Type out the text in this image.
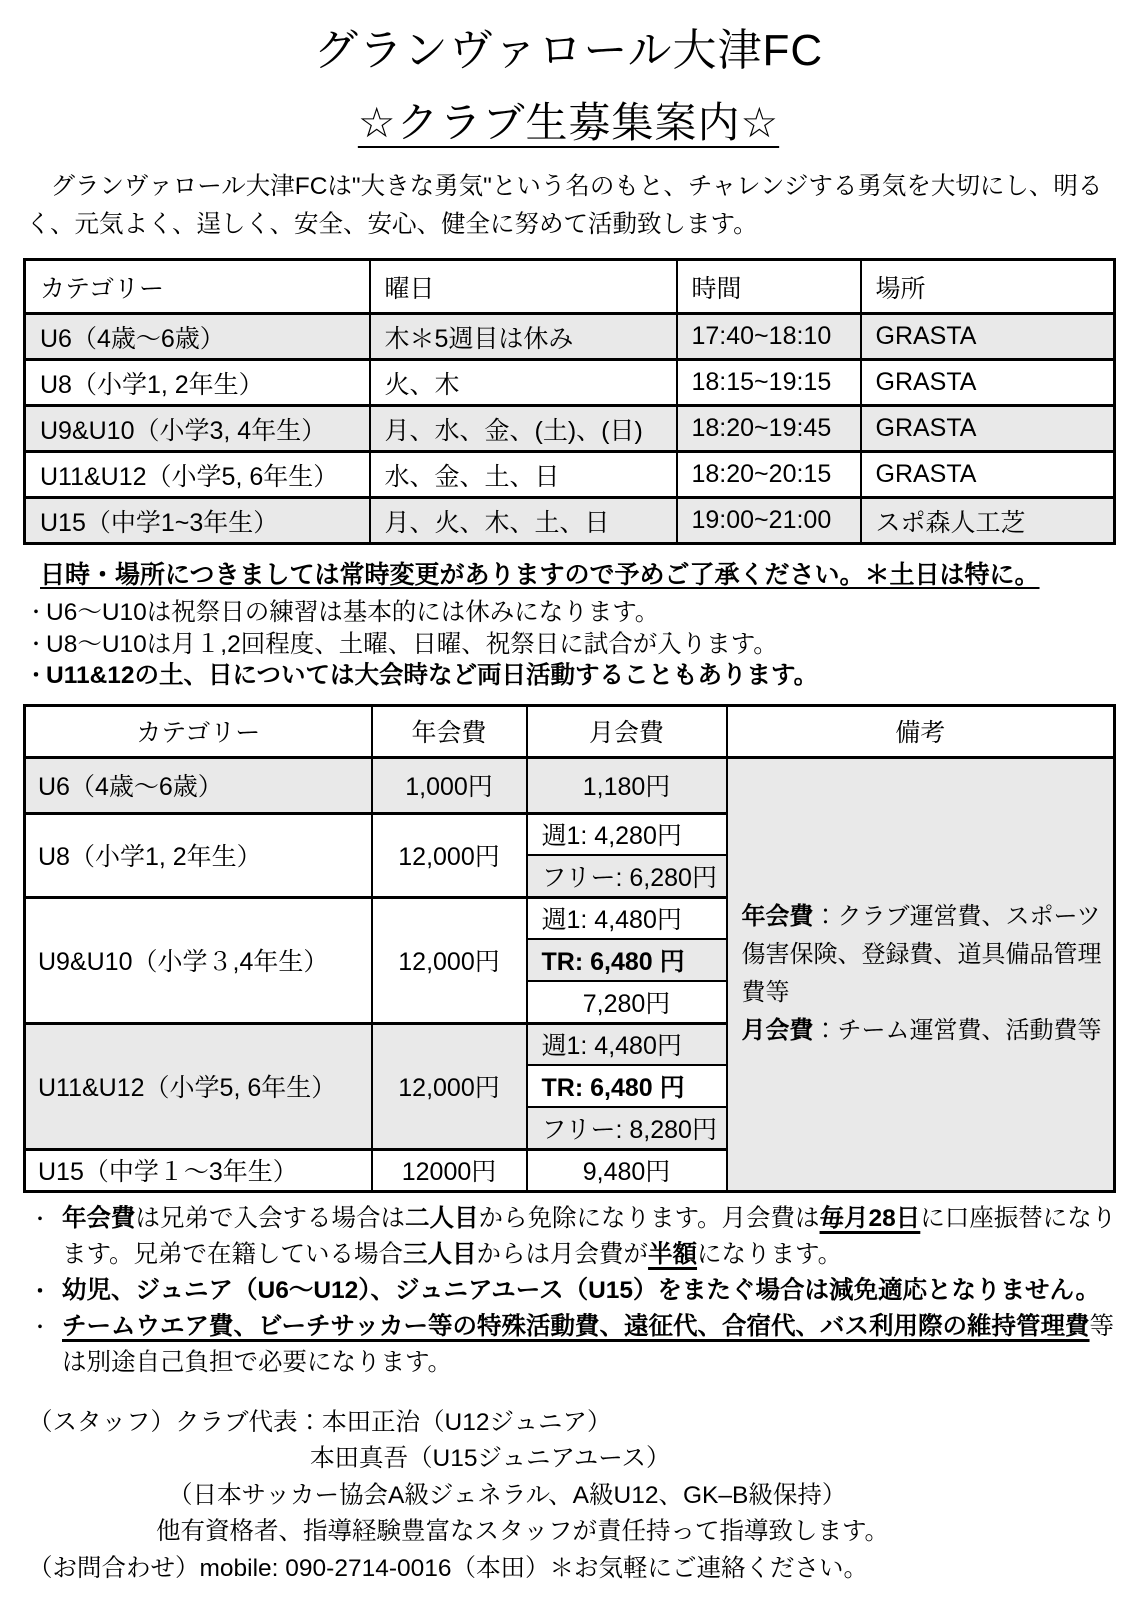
グランヴァロール大津FC
☆クラブ生募集案内☆

　グランヴァロール大津FCは"大きな勇気"という名のもと、チャレンジする勇気を大切にし、明るく、元気よく、逞しく、安全、安心、健全に努めて活動致します。

カテゴリー	曜日	時間	場所
U6（4歳〜6歳）	木＊5週目は休み	17:40~18:10	GRASTA
U8（小学1, 2年生）	火、木	18:15~19:15	GRASTA
U9&U10（小学3, 4年生）	月、水、金、(土)、(日)	18:20~19:45	GRASTA
U11&U12（小学5, 6年生）	水、金、土、日	18:20~20:15	GRASTA
U15（中学1~3年生）	月、火、木、土、日	19:00~21:00	スポ森人工芝
日時・場所につきましては常時変更がありますので予めご了承ください。＊土日は特に。
・ U6〜U10は祝祭日の練習は基本的には休みになります。
・ U8〜U10は月１,2回程度、土曜、日曜、祝祭日に試合が入ります。
・ U11&12の土、日については大会時など両日活動することもあります。
カテゴリー	年会費	月会費	備考
U6（4歳〜6歳）	1,000円	1,180円	年会費：クラブ運営費、スポーツ傷害保険、登録費、道具備品管理費等

月会費：チーム運営費、活動費等

U8（小学1, 2年生）	12,000円	週1: 4,280円	
		フリー: 6,280円	
U9&U10（小学３,4年生）	12,000円	週1: 4,480円	
		TR: 6,480 円	
		7,280円	
U11&U12（小学5, 6年生）	12,000円	週1: 4,480円	
		TR: 6,480 円	
		フリー: 8,280円	
U15（中学１〜3年生）	12000円	9,480円	
・ 年会費は兄弟で入会する場合は二人目から免除になります。月会費は毎月28日に口座振替になります。兄弟で在籍している場合三人目からは月会費が半額になります。
・ 幼児、ジュニア（U6〜U12）、ジュニアユース（U15）をまたぐ場合は減免適応となりません。
・ チームウエア費、ビーチサッカー等の特殊活動費、遠征代、合宿代、バス利用際の維持管理費等は別途自己負担で必要になります。
（スタッフ）クラブ代表：本田正治（U12ジュニア）
本田真吾（U15ジュニアユース）
（日本サッカー協会A級ジェネラル、A級U12、GK–B級保持）
他有資格者、指導経験豊富なスタッフが責任持って指導致します。
（お問合わせ）mobile: 090-2714-0016（本田）＊お気軽にご連絡ください。
